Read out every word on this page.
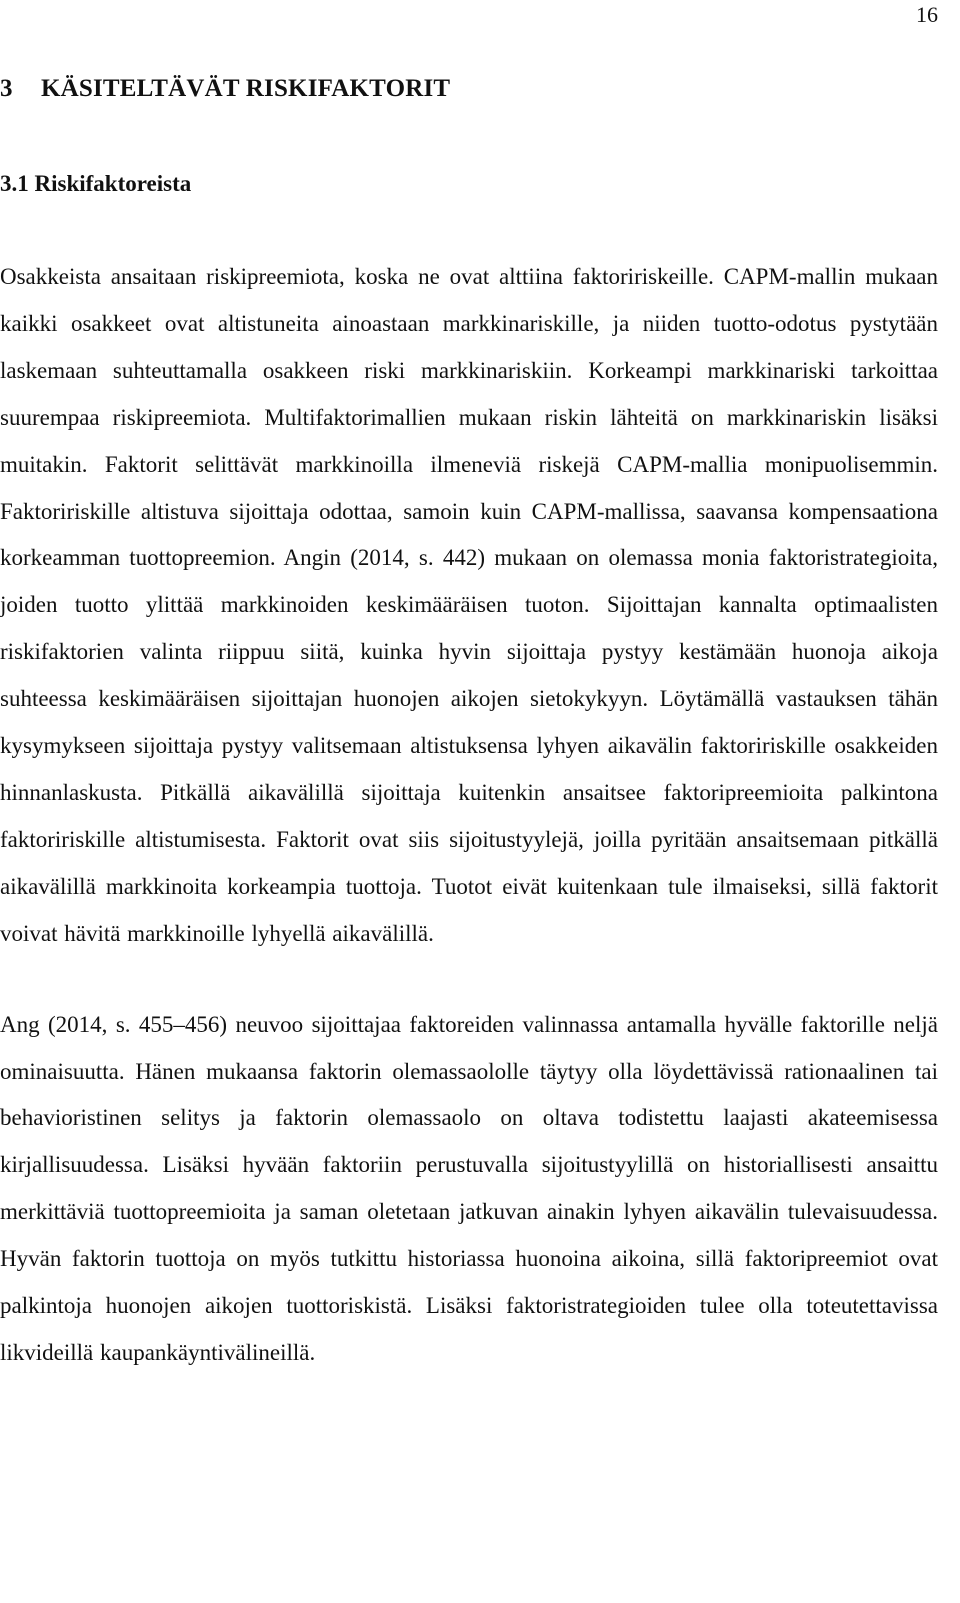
16
3 KÄSITELTÄVÄT RISKIFAKTORIT
3.1 Riskifaktoreista

Osakkeista ansaitaan riskipreemiota, koska ne ovat alttiina faktoririskeille. CAPM-mallin mukaan kaikki osakkeet ovat altistuneita ainoastaan markkinariskille, ja niiden tuotto-odotus pystytään laskemaan suhteuttamalla osakkeen riski markkinariskiin. Korkeampi markkinariski tarkoittaa suurempaa riskipreemiota. Multifaktorimallien mukaan riskin lähteitä on markkinariskin lisäksi muitakin. Faktorit selittävät markkinoilla ilmeneviä riskejä CAPM-mallia monipuolisemmin. Faktoririskille altistuva sijoittaja odottaa, samoin kuin CAPM-mallissa, saavansa kompensaationa korkeamman tuottopreemion. Angin (2014, s. 442) mukaan on olemassa monia faktoristrategioita, joiden tuotto ylittää markkinoiden keskimääräisen tuoton. Sijoittajan kannalta optimaalisten riskifaktorien valinta riippuu siitä, kuinka hyvin sijoittaja pystyy kestämään huonoja aikoja suhteessa keskimääräisen sijoittajan huonojen aikojen sietokykyyn. Löytämällä vastauksen tähän kysymykseen sijoittaja pystyy valitsemaan altistuksensa lyhyen aikavälin faktoririskille osakkeiden hinnanlaskusta. Pitkällä aikavälillä sijoittaja kuitenkin ansaitsee faktoripreemioita palkintona faktoririskille altistumisesta. Faktorit ovat siis sijoitustyylejä, joilla pyritään ansaitsemaan pitkällä aikavälillä markkinoita korkeampia tuottoja. Tuotot eivät kuitenkaan tule ilmaiseksi, sillä faktorit voivat hävitä markkinoille lyhyellä aikavälillä.

Ang (2014, s. 455–456) neuvoo sijoittajaa faktoreiden valinnassa antamalla hyvälle faktorille neljä ominaisuutta. Hänen mukaansa faktorin olemassaololle täytyy olla löydettävissä rationaalinen tai behavioristinen selitys ja faktorin olemassaolo on oltava todistettu laajasti akateemisessa kirjallisuudessa. Lisäksi hyvään faktoriin perustuvalla sijoitustyylillä on historiallisesti ansaittu merkittäviä tuottopreemioita ja saman oletetaan jatkuvan ainakin lyhyen aikavälin tulevaisuudessa. Hyvän faktorin tuottoja on myös tutkittu historiassa huonoina aikoina, sillä faktoripreemiot ovat palkintoja huonojen aikojen tuottoriskistä. Lisäksi faktoristrategioiden tulee olla toteutettavissa likvideillä kaupankäyntivälineillä.
